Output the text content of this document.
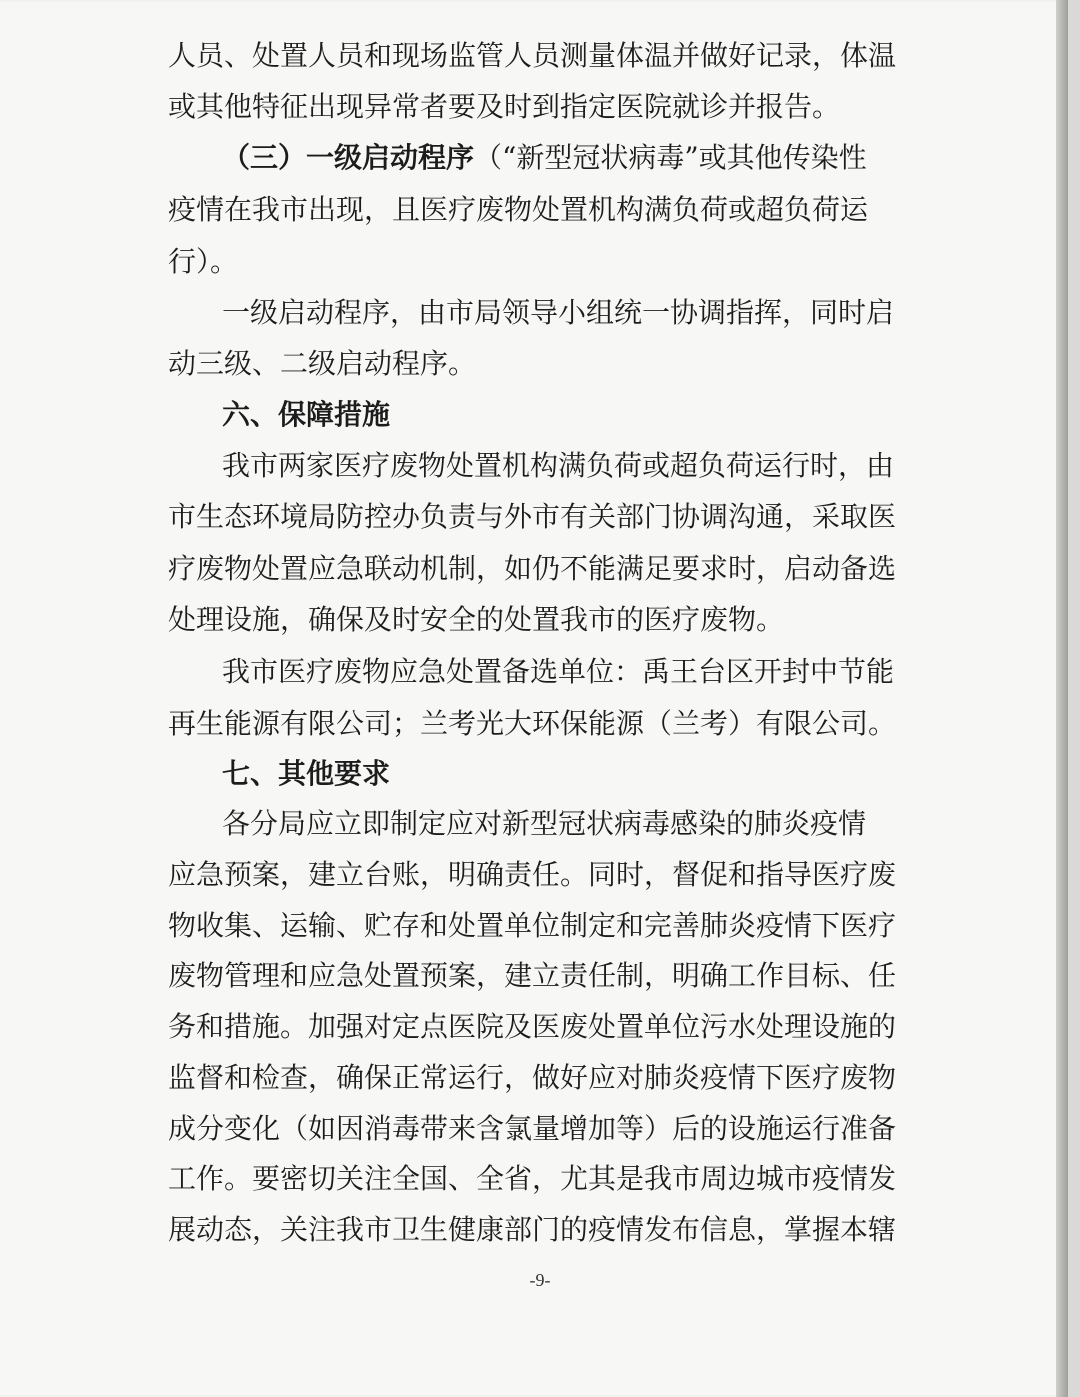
人员、处置人员和现场监管人员测量体温并做好记录，体温
或其他特征出现异常者要及时到指定医院就诊并报告。
（三）一级启动程序（“新型冠状病毒”或其他传染性
疫情在我市出现，且医疗废物处置机构满负荷或超负荷运
行）。
一级启动程序，由市局领导小组统一协调指挥，同时启
动三级、二级启动程序。
六、保障措施
我市两家医疗废物处置机构满负荷或超负荷运行时，由
市生态环境局防控办负责与外市有关部门协调沟通，采取医
疗废物处置应急联动机制，如仍不能满足要求时，启动备选
处理设施，确保及时安全的处置我市的医疗废物。
我市医疗废物应急处置备选单位：禹王台区开封中节能
再生能源有限公司；兰考光大环保能源（兰考）有限公司。
七、其他要求
各分局应立即制定应对新型冠状病毒感染的肺炎疫情
应急预案，建立台账，明确责任。同时，督促和指导医疗废
物收集、运输、贮存和处置单位制定和完善肺炎疫情下医疗
废物管理和应急处置预案，建立责任制，明确工作目标、任
务和措施。加强对定点医院及医废处置单位污水处理设施的
监督和检查，确保正常运行，做好应对肺炎疫情下医疗废物
成分变化（如因消毒带来含氯量增加等）后的设施运行准备
工作。要密切关注全国、全省，尤其是我市周边城市疫情发
展动态，关注我市卫生健康部门的疫情发布信息，掌握本辖
-9-
